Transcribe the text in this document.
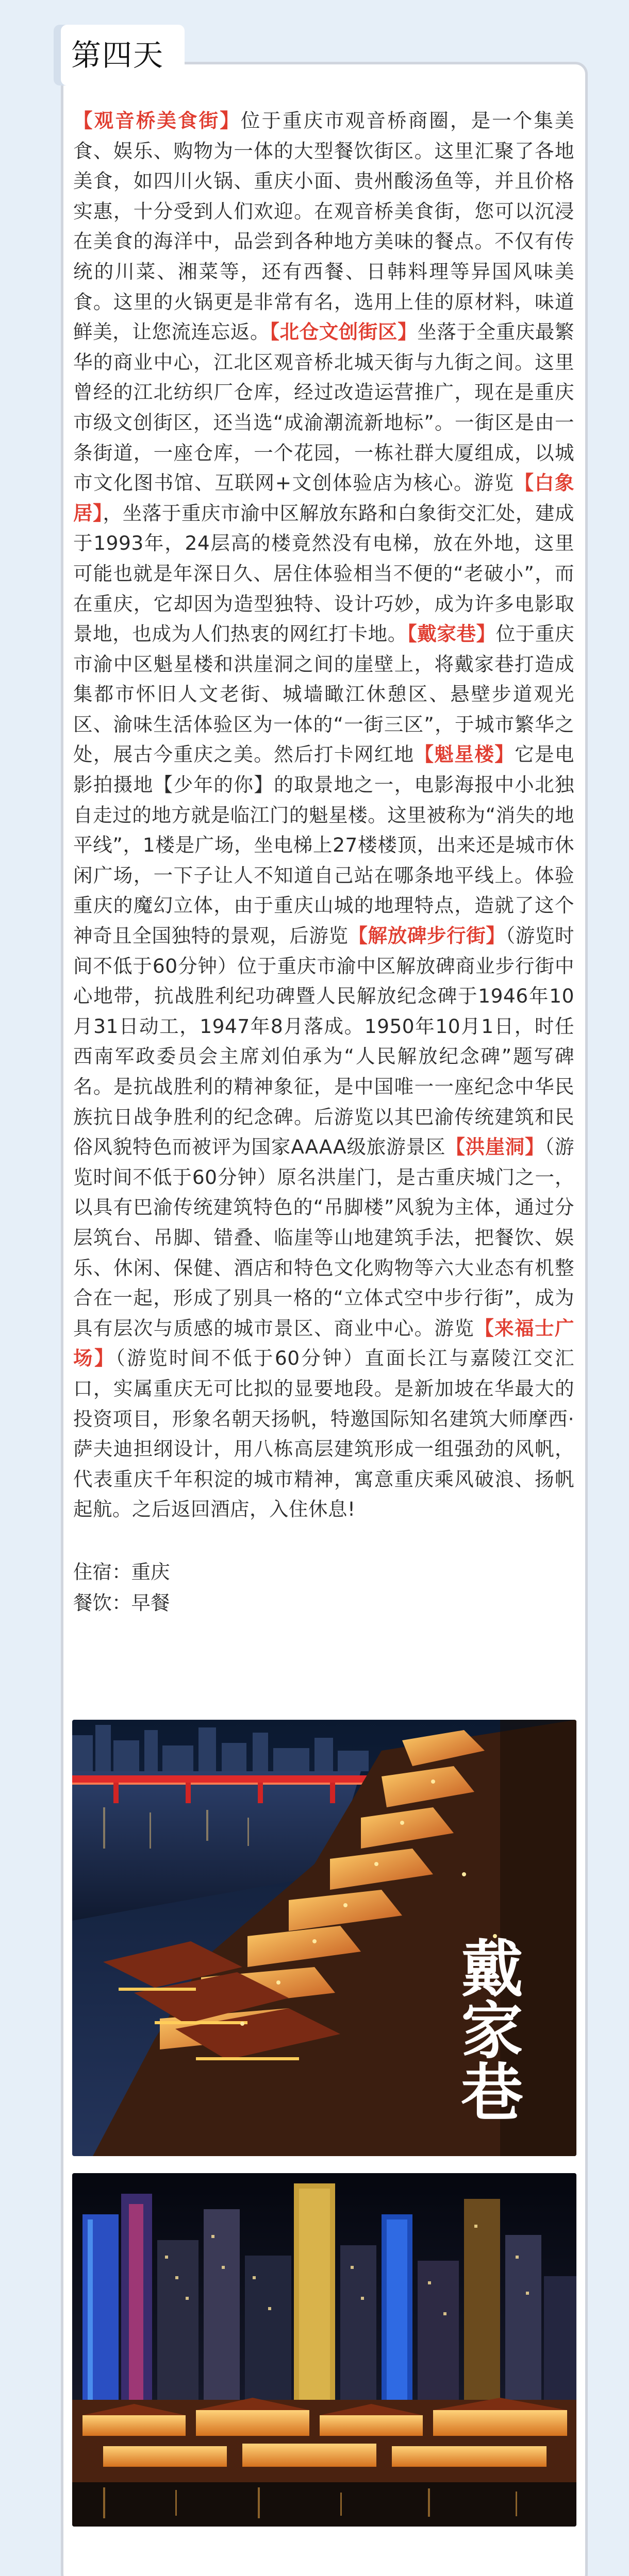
第四天

【观音桥美食街】位于重庆市观音桥商圈，是一个集美食、娱乐、购物为一体的大型餐饮街区。这里汇聚了各地美食，如四川火锅、重庆小面、贵州酸汤鱼等，并且价格实惠，十分受到人们欢迎。在观音桥美食街，您可以沉浸在美食的海洋中，品尝到各种地方美味的餐点。不仅有传统的川菜、湘菜等，还有西餐、日韩料理等异国风味美食。这里的火锅更是非常有名，选用上佳的原材料，味道鲜美，让您流连忘返。【北仓文创街区】坐落于全重庆最繁华的商业中心，江北区观音桥北城天街与九街之间。这里曾经的江北纺织厂仓库，经过改造运营推广，现在是重庆市级文创街区，还当选“成渝潮流新地标”。一街区是由一条街道，一座仓库，一个花园，一栋社群大厦组成，以城市文化图书馆、互联网+文创体验店为核心。游览【白象居】，坐落于重庆市渝中区解放东路和白象街交汇处，建成于1993年，24层高的楼竟然没有电梯，放在外地，这里可能也就是年深日久、居住体验相当不便的“老破小”，而在重庆，它却因为造型独特、设计巧妙，成为许多电影取景地，也成为人们热衷的网红打卡地。【戴家巷】位于重庆市渝中区魁星楼和洪崖洞之间的崖壁上，将戴家巷打造成集都市怀旧人文老街、城墙瞰江休憩区、悬壁步道观光区、渝味生活体验区为一体的“一街三区”，于城市繁华之处，展古今重庆之美。然后打卡网红地【魁星楼】它是电影拍摄地【少年的你】的取景地之一，电影海报中小北独自走过的地方就是临江门的魁星楼。这里被称为“消失的地平线”，1楼是广场，坐电梯上27楼楼顶，出来还是城市休闲广场，一下子让人不知道自己站在哪条地平线上。体验重庆的魔幻立体，由于重庆山城的地理特点，造就了这个神奇且全国独特的景观，后游览【解放碑步行街】（游览时间不低于60分钟）位于重庆市渝中区解放碑商业步行街中心地带，抗战胜利纪功碑暨人民解放纪念碑于1946年10月31日动工，1947年8月落成。1950年10月1日，时任西南军政委员会主席刘伯承为“人民解放纪念碑”题写碑名。是抗战胜利的精神象征，是中国唯一一座纪念中华民族抗日战争胜利的纪念碑。后游览以其巴渝传统建筑和民俗风貌特色而被评为国家AAAA级旅游景区【洪崖洞】（游览时间不低于60分钟）原名洪崖门，是古重庆城门之一，以具有巴渝传统建筑特色的“吊脚楼”风貌为主体，通过分层筑台、吊脚、错叠、临崖等山地建筑手法，把餐饮、娱乐、休闲、保健、酒店和特色文化购物等六大业态有机整合在一起，形成了别具一格的“立体式空中步行街”，成为具有层次与质感的城市景区、商业中心。游览【来福士广场】（游览时间不低于60分钟）直面长江与嘉陵江交汇口，实属重庆无可比拟的显要地段。是新加坡在华最大的投资项目，形象名朝天扬帆，特邀国际知名建筑大师摩西·萨夫迪担纲设计，用八栋高层建筑形成一组强劲的风帆，代表重庆千年积淀的城市精神，寓意重庆乘风破浪、扬帆起航。之后返回酒店，入住休息!

住宿：重庆
餐饮：早餐
戴家巷
